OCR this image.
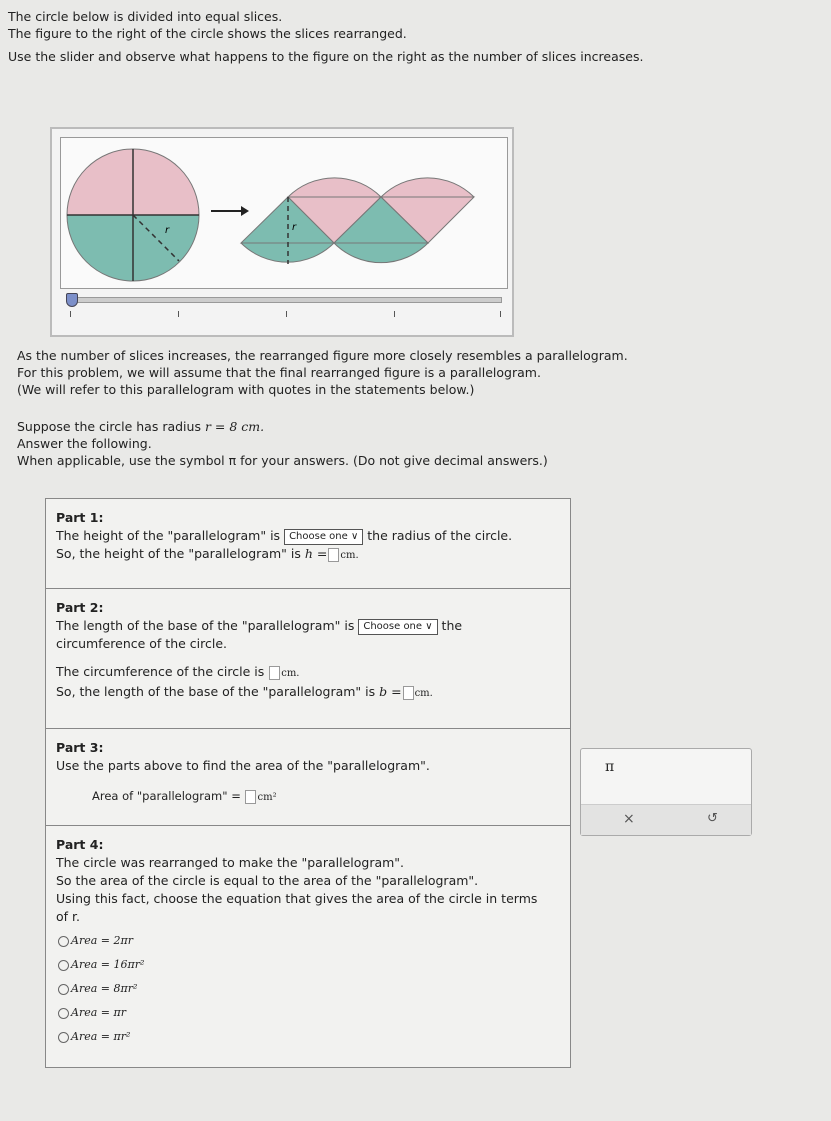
The circle below is divided into equal slices.
The figure to the right of the circle shows the slices rearranged.
Use the slider and observe what happens to the figure on the right as the number of slices increases.
r	r
As the number of slices increases, the rearranged figure more closely resembles a parallelogram.
For this problem, we will assume that the final rearranged figure is a parallelogram.
(We will refer to this parallelogram with quotes in the statements below.)
Suppose the circle has radius r = 8 cm.
Answer the following.
When applicable, use the symbol π for your answers. (Do not give decimal answers.)
Part 1:
The height of the "parallelogram" is Choose one ∨ the radius of the circle.
So, the height of the "parallelogram" is h = cm.
Part 2:
The length of the base of the "parallelogram" is Choose one ∨ the
circumference of the circle.

The circumference of the circle is cm.
So, the length of the base of the "parallelogram" is b = cm.
Part 3:
Use the parts above to find the area of the "parallelogram".

Area of "parallelogram" = cm²
Part 4:
The circle was rearranged to make the "parallelogram".
So the area of the circle is equal to the area of the "parallelogram".
Using this fact, choose the equation that gives the area of the circle in terms
of r.
Area = 2πr
Area = 16πr²
Area = 8πr²
Area = πr
Area = πr²
π
×	↺
